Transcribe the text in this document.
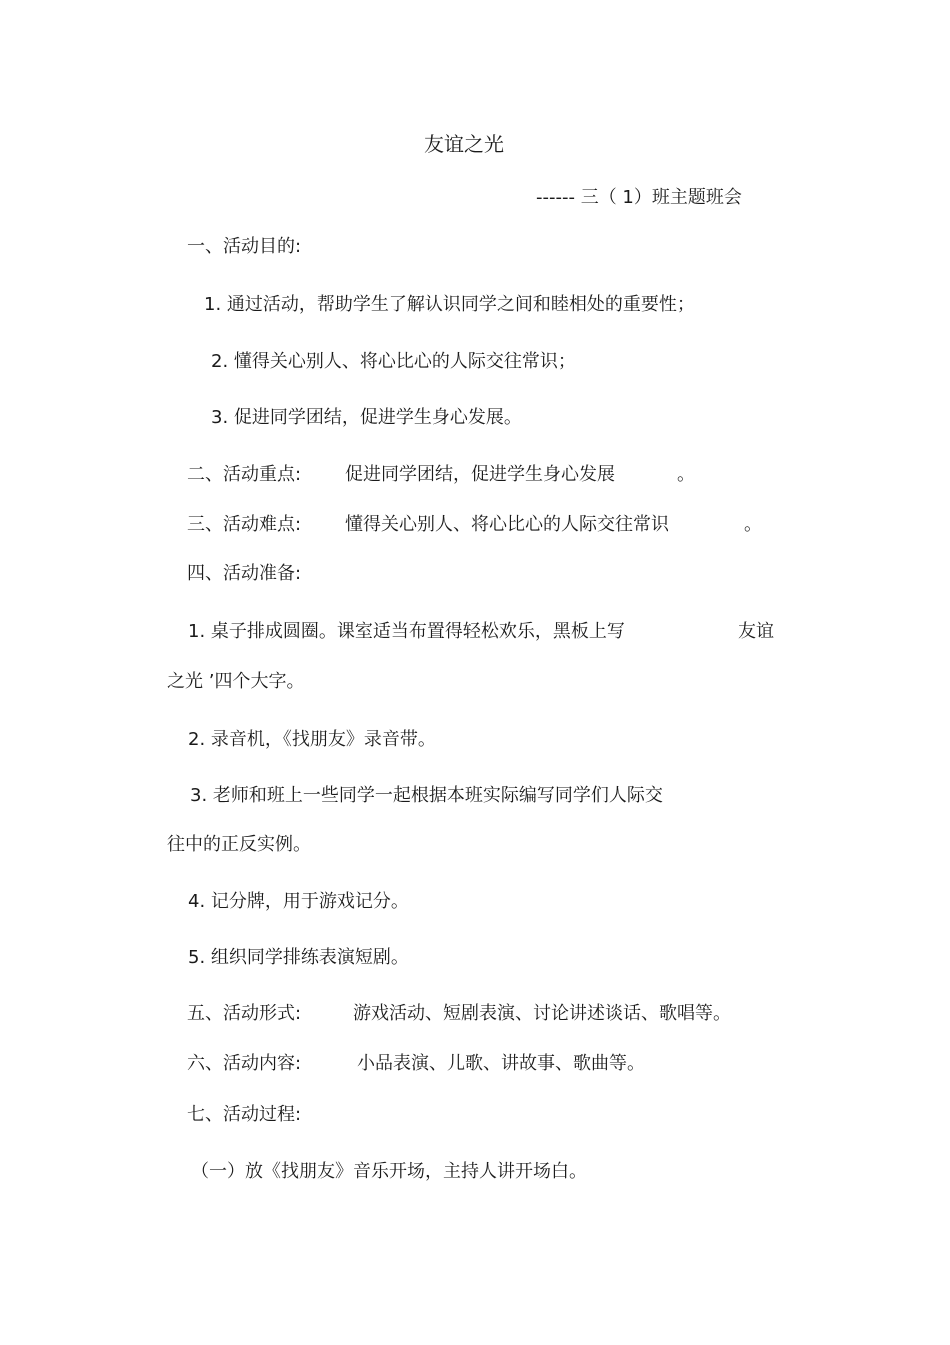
友谊之光
------ 三（ 1）班主题班会
一、活动目的:
1. 通过活动，帮助学生了解认识同学之间和睦相处的重要性；
2. 懂得关心别人、将心比心的人际交往常识；
3. 促进同学团结，促进学生身心发展。
二、活动重点: 促进同学团结，促进学生身心发展	。
三、活动难点: 懂得关心别人、将心比心的人际交往常识	。
四、活动准备:
1. 桌子排成圆圈。课室适当布置得轻松欢乐，黑板上写	友谊
之光 ’四个大字。
2. 录音机，《找朋友》录音带。
3. 老师和班上一些同学一起根据本班实际编写同学们人际交
往中的正反实例。
4. 记分牌，用于游戏记分。
5. 组织同学排练表演短剧。
五、活动形式:	游戏活动、短剧表演、讨论讲述谈话、歌唱等。
六、活动内容:	小品表演、儿歌、讲故事、歌曲等。
七、活动过程:
（一）放《找朋友》音乐开场，主持人讲开场白。
